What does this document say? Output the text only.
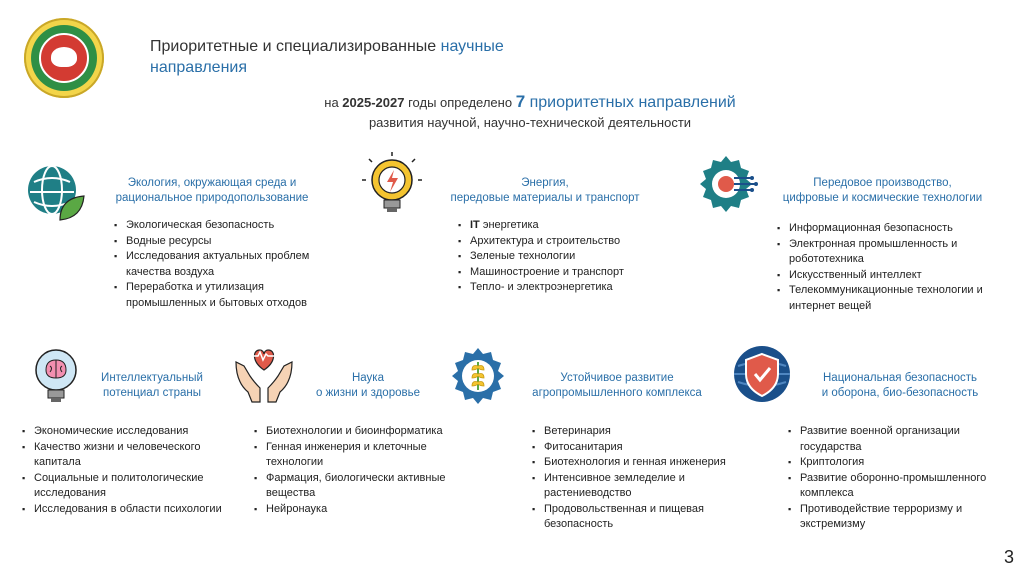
Приоритетные и специализированные научные
направления
на 2025-2027 годы определено 7 приоритетных направлений
развития научной, научно-технической деятельности
Экология, окружающая среда и
рациональное природопользование
▪ Экологическая безопасность
▪ Водные ресурсы
▪ Исследования актуальных проблем качества воздуха
▪ Переработка и утилизация промышленных и бытовых отходов
Энергия,
передовые материалы и транспорт
▪ IT энергетика
▪ Архитектура и строительство
▪ Зеленые технологии
▪ Машиностроение и транспорт
▪ Тепло- и электроэнергетика
Передовое производство,
цифровые и космические технологии
▪ Информационная безопасность
▪ Электронная промышленность и робототехника
▪ Искусственный интеллект
▪ Телекоммуникационные технологии и интернет вещей
Интеллектуальный
потенциал страны
▪ Экономические исследования
▪ Качество жизни и человеческого капитала
▪ Социальные и политологические исследования
▪ Исследования в области психологии
Наука
о жизни и здоровье
▪ Биотехнологии и биоинформатика
▪ Генная инженерия и клеточные технологии
▪ Фармация, биологически активные вещества
▪ Нейронаука
Устойчивое развитие
агропромышленного комплекса
▪ Ветеринария
▪ Фитосанитария
▪ Биотехнология и генная инженерия
▪ Интенсивное земледелие и растениеводство
▪ Продовольственная и пищевая безопасность
Национальная безопасность
и оборона, био-безопасность
▪ Развитие военной организации государства
▪ Криптология
▪ Развитие оборонно-промышленного комплекса
▪ Противодействие терроризму и экстремизму
3
